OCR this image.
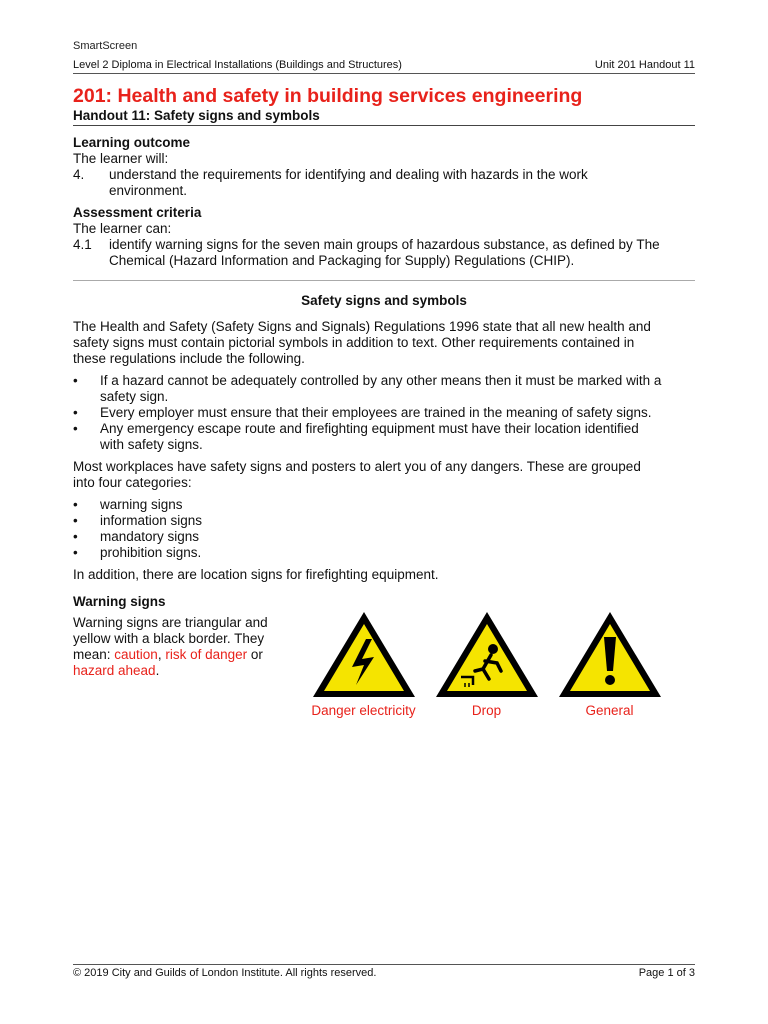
SmartScreen
Level 2 Diploma in Electrical Installations (Buildings and Structures)	Unit 201 Handout 11
201: Health and safety in building services engineering
Handout 11: Safety signs and symbols
Learning outcome
The learner will:
4.	understand the requirements for identifying and dealing with hazards in the work
environment.
Assessment criteria
The learner can:
4.1	identify warning signs for the seven main groups of hazardous substance, as defined by The
Chemical (Hazard Information and Packaging for Supply) Regulations (CHIP).
Safety signs and symbols

The Health and Safety (Safety Signs and Signals) Regulations 1996 state that all new health and
safety signs must contain pictorial symbols in addition to text. Other requirements contained in
these regulations include the following.

•	If a hazard cannot be adequately controlled by any other means then it must be marked with a
safety sign.
•	Every employer must ensure that their employees are trained in the meaning of safety signs.
•	Any emergency escape route and firefighting equipment must have their location identified
with safety signs.

Most workplaces have safety signs and posters to alert you of any dangers. These are grouped
into four categories:

•	warning signs
•	information signs
•	mandatory signs
•	prohibition signs.

In addition, there are location signs for firefighting equipment.

Warning signs
Warning signs are triangular and
yellow with a black border. They
mean: caution, risk of danger or
hazard ahead.
Danger electricity	Drop	General
© 2019 City and Guilds of London Institute. All rights reserved.	Page 1 of 3
